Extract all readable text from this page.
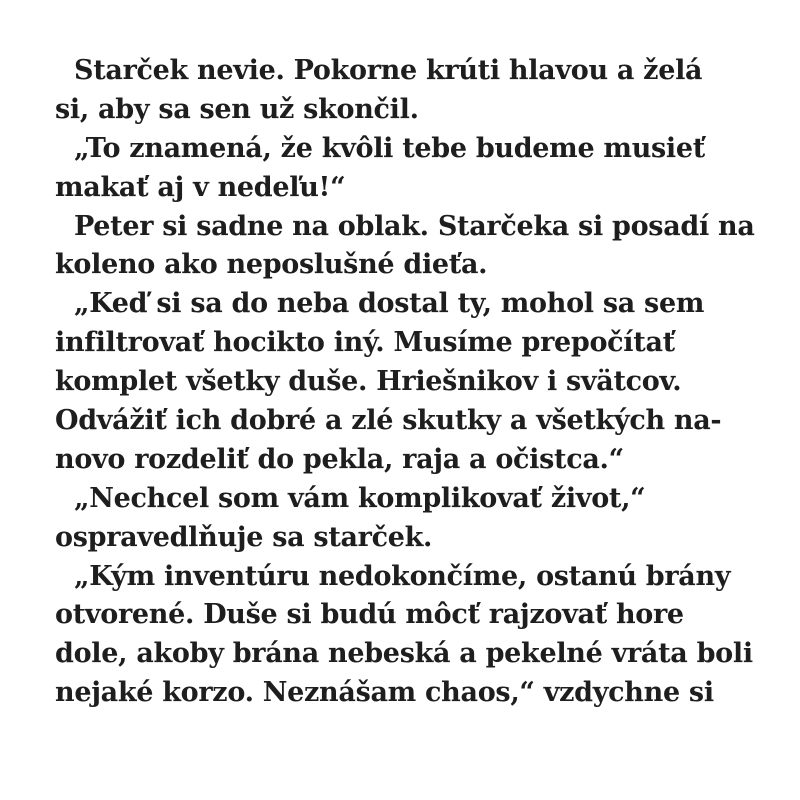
Starček nevie. Pokorne krúti hlavou a želá
si, aby sa sen už skončil.
„To znamená, že kvôli tebe budeme musieť
makať aj v nedeľu!“
Peter si sadne na oblak. Starčeka si posadí na
koleno ako neposlušné dieťa.
„Keď si sa do neba dostal ty, mohol sa sem
infiltrovať hocikto iný. Musíme prepočítať
komplet všetky duše. Hriešnikov i svätcov.
Odvážiť ich dobré a zlé skutky a všetkých na-
novo rozdeliť do pekla, raja a očistca.“
„Nechcel som vám komplikovať život,“
ospravedlňuje sa starček.
„Kým inventúru nedokončíme, ostanú brány
otvorené. Duše si budú môcť rajzovať hore
dole, akoby brána nebeská a pekelné vráta boli
nejaké korzo. Neznášam chaos,“ vzdychne si
